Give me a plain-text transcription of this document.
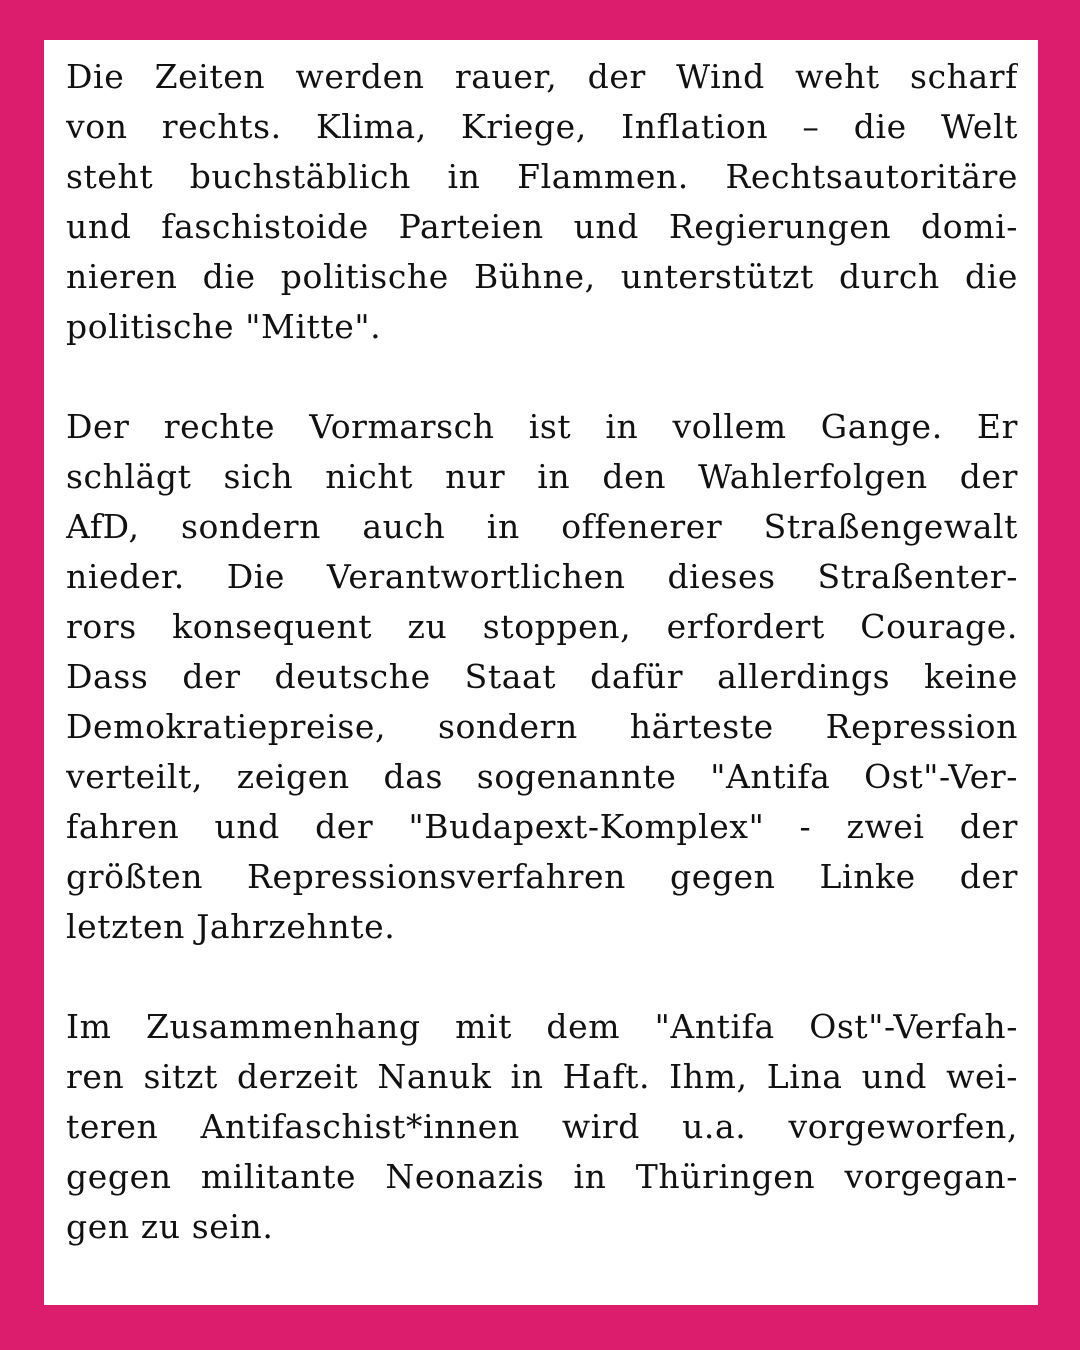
Die Zeiten werden rauer, der Wind weht scharf
von rechts. Klima, Kriege, Inflation – die Welt
steht buchstäblich in Flammen. Rechtsautoritäre
und faschistoide Parteien und Regierungen domi-
nieren die politische Bühne, unterstützt durch die
politische "Mitte".
Der rechte Vormarsch ist in vollem Gange. Er
schlägt sich nicht nur in den Wahlerfolgen der
AfD, sondern auch in offenerer Straßengewalt
nieder. Die Verantwortlichen dieses Straßenter-
rors konsequent zu stoppen, erfordert Courage.
Dass der deutsche Staat dafür allerdings keine
Demokratiepreise, sondern härteste Repression
verteilt, zeigen das sogenannte "Antifa Ost"-Ver-
fahren und der "Budapext-Komplex" - zwei der
größten Repressionsverfahren gegen Linke der
letzten Jahrzehnte.
Im Zusammenhang mit dem "Antifa Ost"-Verfah-
ren sitzt derzeit Nanuk in Haft. Ihm, Lina und wei-
teren Antifaschist*innen wird u.a. vorgeworfen,
gegen militante Neonazis in Thüringen vorgegan-
gen zu sein.
